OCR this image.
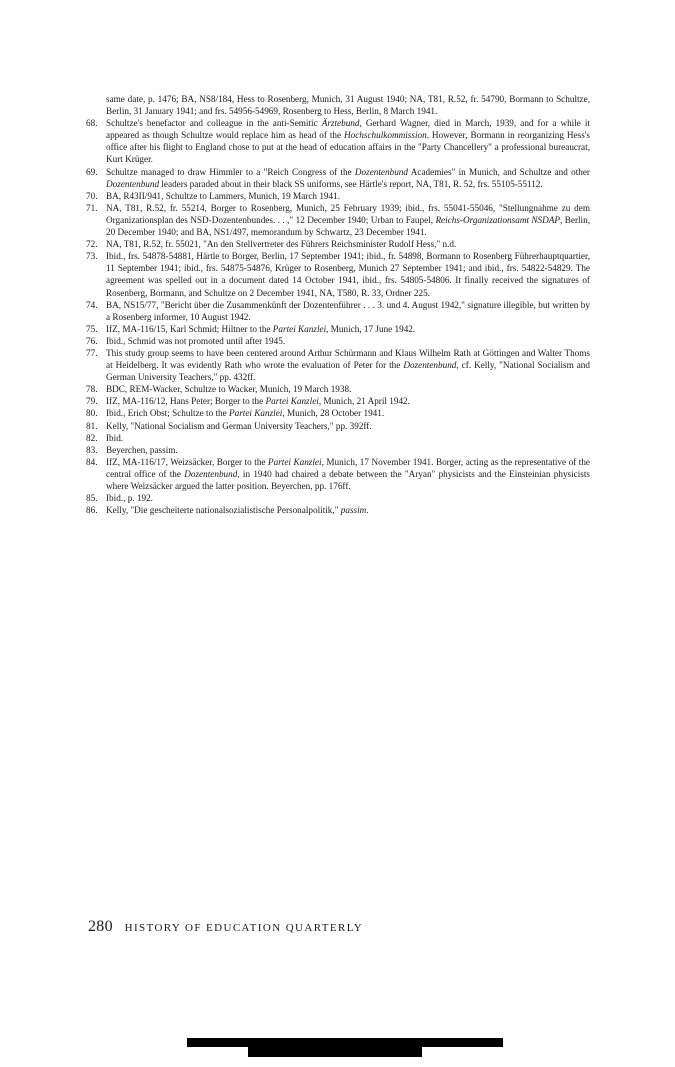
same date, p. 1476; BA, NS8/184, Hess to Rosenberg, Munich, 31 August 1940; NA, T81, R.52, fr. 54790, Bormann to Schultze, Berlin, 31 January 1941; and frs. 54956-54969, Rosenberg to Hess, Berlin, 8 March 1941.
68. Schultze's benefactor and colleague in the anti-Semitic Ärztebund, Gerhard Wagner, died in March, 1939, and for a while it appeared as though Schultze would replace him as head of the Hochschulkommission. However, Bormann in reorganizing Hess's office after his flight to England chose to put at the head of education affairs in the "Party Chancellery" a professional bureaucrat, Kurt Krüger.
69. Schultze managed to draw Himmler to a "Reich Congress of the Dozentenbund Academies" in Munich, and Schultze and other Dozentenbund leaders paraded about in their black SS uniforms, see Härtle's report, NA, T81, R. 52, frs. 55105-55112.
70. BA, R43II/941, Schultze to Lammers, Munich, 19 March 1941.
71. NA, T81, R.52, fr. 55214, Borger to Rosenberg, Munich, 25 February 1939; ibid., frs. 55041-55046, "Stellungnahme zu dem Organizationsplan des NSD-Dozentenbundes. . . ," 12 December 1940; Urban to Faupel, Reichs-Organizationsamt NSDAP, Berlin, 20 December 1940; and BA, NS1/497, memorandum by Schwartz, 23 December 1941.
72. NA, T81, R.52, fr. 55021, "An den Stellvertreter des Führers Reichsminister Rudolf Hess," n.d.
73. Ibid., frs. 54878-54881, Härtle to Borger, Berlin, 17 September 1941; ibid., fr. 54898, Bormann to Rosenberg Führerhauptquartier, 11 September 1941; ibid., frs. 54875-54876, Krüger to Rosenberg, Munich 27 September 1941; and ibid., frs. 54822-54829. The agreement was spelled out in a document dated 14 October 1941, ibid., frs. 54805-54806. It finally received the signatures of Rosenberg, Bormann, and Schultze on 2 December 1941, NA, T580, R. 33, Ordner 225.
74. BA, NS15/77, "Bericht über die Zusammenkünft der Dozentenführer . . . 3. und 4. August 1942," signature illegible, but written by a Rosenberg informer, 10 August 1942.
75. IfZ, MA-116/15, Karl Schmid; Hiltner to the Partei Kanzlei, Munich, 17 June 1942.
76. Ibid., Schmid was not promoted until after 1945.
77. This study group seems to have been centered around Arthur Schürmann and Klaus Wilhelm Rath at Göttingen and Walter Thoms at Heidelberg. It was evidently Rath who wrote the evaluation of Peter for the Dozentenbund, cf. Kelly, "National Socialism and German University Teachers," pp. 432ff.
78. BDC, REM-Wacker, Schultze to Wacker, Munich, 19 March 1938.
79. IfZ, MA-116/12, Hans Peter; Borger to the Partei Kanzlei, Munich, 21 April 1942.
80. Ibid., Erich Obst; Schultze to the Partei Kanzlei, Munich, 28 October 1941.
81. Kelly, "National Socialism and German University Teachers," pp. 392ff.
82. Ibid.
83. Beyerchen, passim.
84. IfZ, MA-116/17, Weizsäcker, Borger to the Partei Kanzlei, Munich, 17 November 1941. Borger, acting as the representative of the central office of the Dozentenbund, in 1940 had chaired a debate between the "Aryan" physicists and the Einsteinian physicists where Weizsäcker argued the latter position. Beyerchen, pp. 176ff.
85. Ibid., p. 192.
86. Kelly, "Die gescheiterte nationalsozialistische Personalpolitik," passim.
280 HISTORY OF EDUCATION QUARTERLY
